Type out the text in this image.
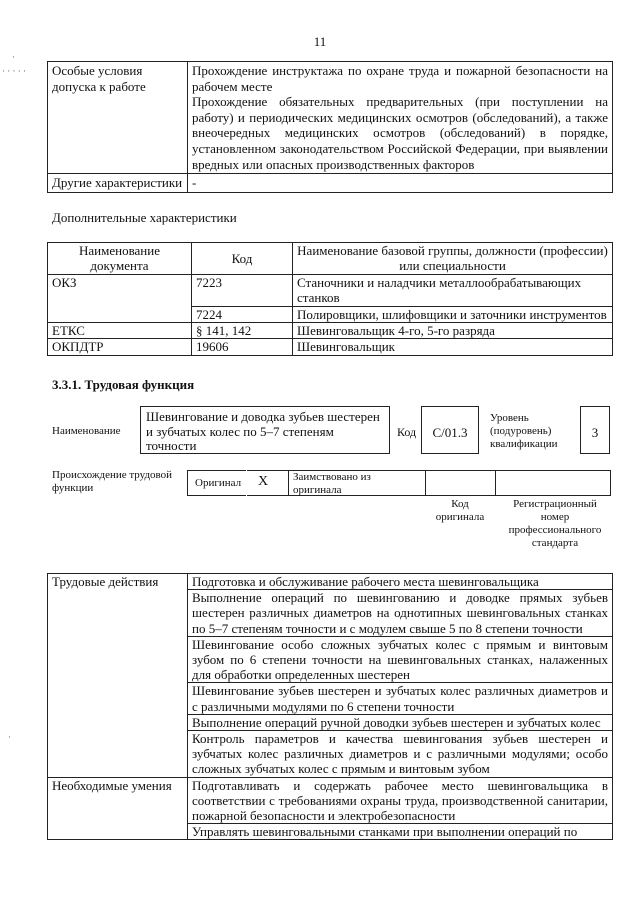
11
·
· · · · ·
·
Особые условия допуска к работе	Прохождение инструктажа по охране труда и пожарной безопасности на рабочем месте
Прохождение обязательных предварительных (при поступлении на работу) и периодических медицинских осмотров (обследований), а также внеочередных медицинских осмотров (обследований) в порядке, установленном законодательством Российской Федерации, при выявлении вредных или опасных производственных факторов

Другие характеристики	-
Дополнительные характеристики
Наименование документа	Код	Наименование базовой группы, должности (профессии) или специальности
ОКЗ	7223	Станочники и наладчики металлообрабатывающих станков
	7224	Полировщики, шлифовщики и заточники инструментов
ЕТКС	§ 141, 142	Шевинговальщик 4-го, 5-го разряда
ОКПДТР	19606	Шевинговальщик
3.3.1. Трудовая функция
Наименование
Шевингование и доводка зубьев шестерен и зубчатых колес по 5–7 степеням точности
Код	C/01.3
Уровень (подуровень) квалификации
3
Происхождение трудовой функции	Оригинал X Заимствовано из оригинала
Код оригинала
Регистрационный номер профессионального стандарта
Трудовые действия	Подготовка и обслуживание рабочего места шевинговальщика
	Выполнение операций по шевингованию и доводке прямых зубьев шестерен различных диаметров на однотипных шевинговальных станках по 5–7 степеням точности и с модулем свыше 5 по 8 степени точности
	Шевингование особо сложных зубчатых колес с прямым и винтовым зубом по 6 степени точности на шевинговальных станках, налаженных для обработки определенных шестерен
	Шевингование зубьев шестерен и зубчатых колес различных диаметров и с различными модулями по 6 степени точности
	Выполнение операций ручной доводки зубьев шестерен и зубчатых колес
	Контроль параметров и качества шевингования зубьев шестерен и зубчатых колес различных диаметров и с различными модулями; особо сложных зубчатых колес с прямым и винтовым зубом
Необходимые умения	Подготавливать и содержать рабочее место шевинговальщика в соответствии с требованиями охраны труда, производственной санитарии, пожарной безопасности и электробезопасности
	Управлять шевинговальными станками при выполнении операций по
